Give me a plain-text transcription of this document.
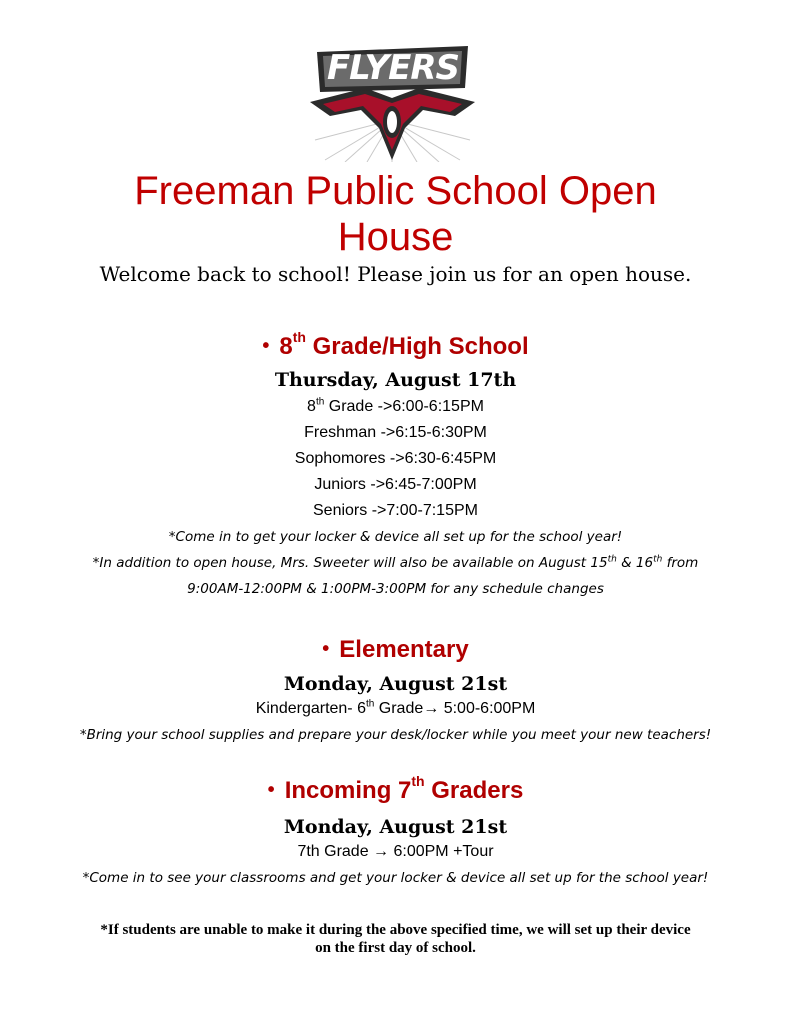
FLYERS
Freeman Public School Open
House
Welcome back to school! Please join us for an open house.
• 8th Grade/High School
Thursday, August 17th
8th Grade ->6:00-6:15PM
Freshman ->6:15-6:30PM
Sophomores ->6:30-6:45PM
Juniors ->6:45-7:00PM
Seniors ->7:00-7:15PM
*Come in to get your locker & device all set up for the school year!
*In addition to open house, Mrs. Sweeter will also be available on August 15th & 16th from
9:00AM-12:00PM & 1:00PM-3:00PM for any schedule changes
• Elementary
Monday, August 21st
Kindergarten- 6th Grade→ 5:00-6:00PM
*Bring your school supplies and prepare your desk/locker while you meet your new teachers!
• Incoming 7th Graders
Monday, August 21st
7th Grade → 6:00PM +Tour
*Come in to see your classrooms and get your locker & device all set up for the school year!
*If students are unable to make it during the above specified time, we will set up their device
on the first day of school.
